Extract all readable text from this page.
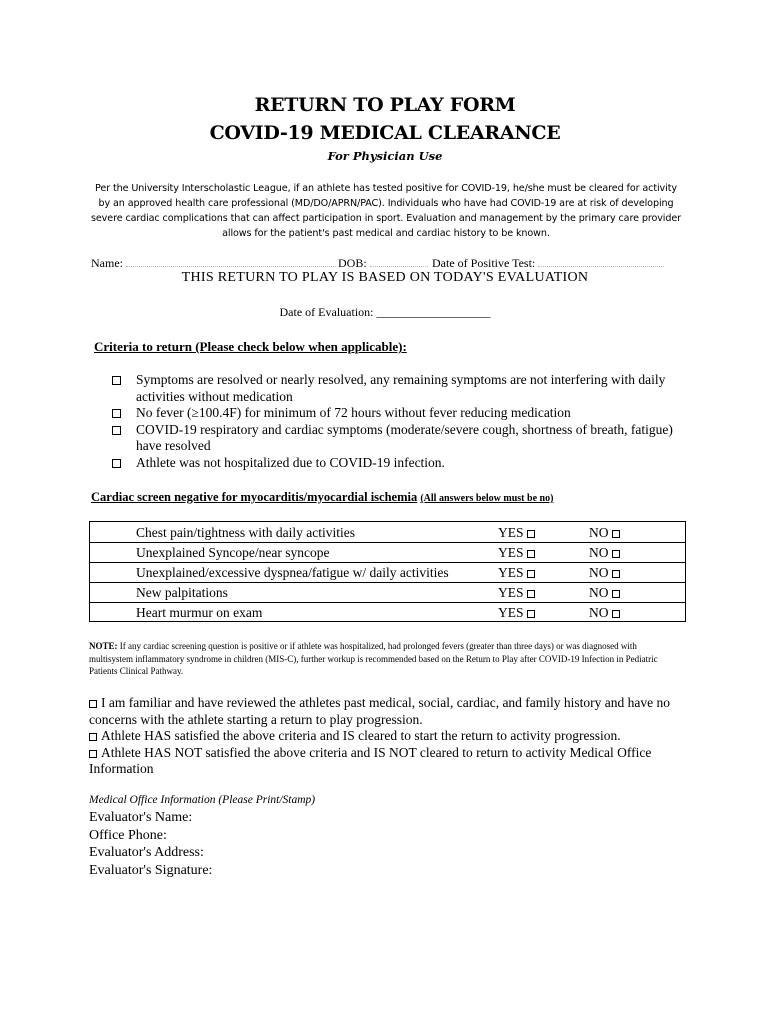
RETURN TO PLAY FORM
COVID-19 MEDICAL CLEARANCE
For Physician Use
Per the University Interscholastic League, if an athlete has tested positive for COVID-19, he/she must be cleared for activity by an approved health care professional (MD/DO/APRN/PAC). Individuals who have had COVID-19 are at risk of developing severe cardiac complications that can affect participation in sport. Evaluation and management by the primary care provider allows for the patient's past medical and cardiac history to be known.
Name:	DOB:	Date of Positive Test:
THIS RETURN TO PLAY IS BASED ON TODAY'S EVALUATION
Date of Evaluation: ___________________
Criteria to return (Please check below when applicable):
Symptoms are resolved or nearly resolved, any remaining symptoms are not interfering with daily activities without medication
No fever (≥100.4F) for minimum of 72 hours without fever reducing medication
COVID-19 respiratory and cardiac symptoms (moderate/severe cough, shortness of breath, fatigue) have resolved
Athlete was not hospitalized due to COVID-19 infection.
Cardiac screen negative for myocarditis/myocardial ischemia (All answers below must be no)
Chest pain/tightness with daily activities	YES	NO
Unexplained Syncope/near syncope	YES	NO
Unexplained/excessive dyspnea/fatigue w/ daily activities	YES	NO
New palpitations	YES	NO
Heart murmur on exam	YES	NO
NOTE: If any cardiac screening question is positive or if athlete was hospitalized, had prolonged fevers (greater than three days) or was diagnosed with multisystem inflammatory syndrome in children (MIS-C), further workup is recommended based on the Return to Play after COVID-19 Infection in Pediatric Patients Clinical Pathway.

I am familiar and have reviewed the athletes past medical, social, cardiac, and family history and have no concerns with the athlete starting a return to play progression.

Athlete HAS satisfied the above criteria and IS cleared to start the return to activity progression.

Athlete HAS NOT satisfied the above criteria and IS NOT cleared to return to activity Medical Office Information

Medical Office Information (Please Print/Stamp)
Evaluator's Name:
Office Phone:
Evaluator's Address:
Evaluator's Signature:
